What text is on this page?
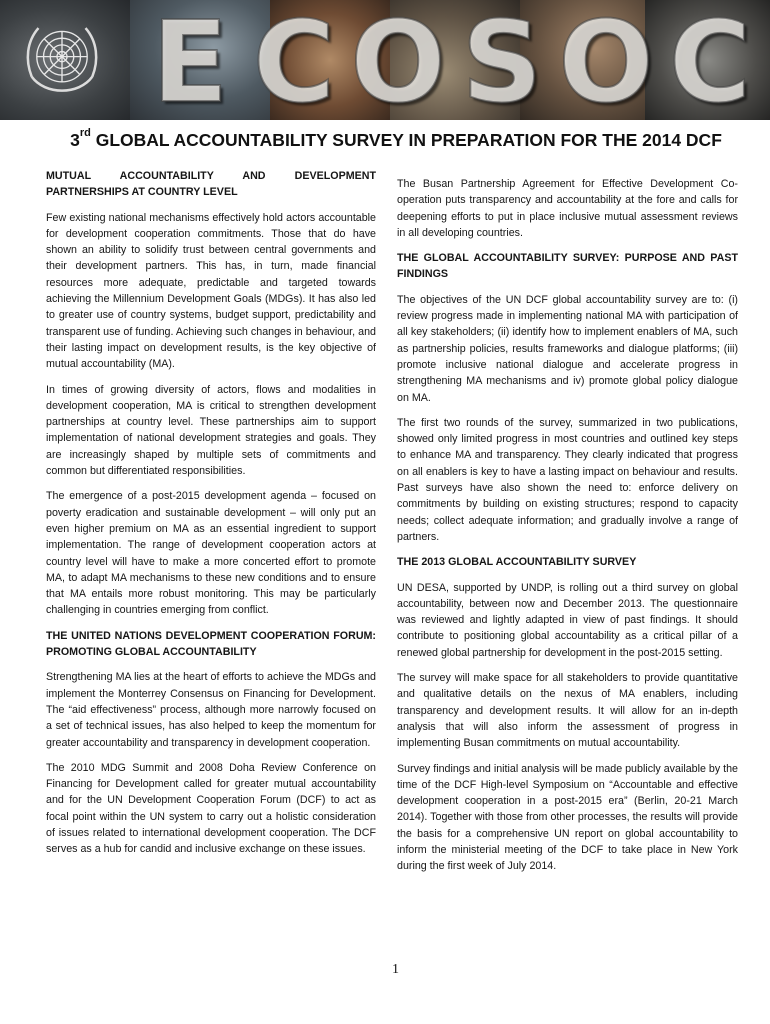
E C O S O C
3rd GLOBAL ACCOUNTABILITY SURVEY IN PREPARATION FOR THE 2014 DCF
MUTUAL ACCOUNTABILITY AND DEVELOPMENT PARTNERSHIPS AT COUNTRY LEVEL

Few existing national mechanisms effectively hold actors accountable for development cooperation commitments. Those that do have shown an ability to solidify trust between central governments and their development partners. This has, in turn, made financial resources more adequate, predictable and targeted towards achieving the Millennium Development Goals (MDGs). It has also led to greater use of country systems, budget support, predictability and transparent use of funding. Achieving such changes in behaviour, and their lasting impact on development results, is the key objective of mutual accountability (MA).

In times of growing diversity of actors, flows and modalities in development cooperation, MA is critical to strengthen development partnerships at country level. These partnerships aim to support implementation of national development strategies and goals. They are increasingly shaped by multiple sets of commitments and common but differentiated responsibilities.

The emergence of a post-2015 development agenda – focused on poverty eradication and sustainable development – will only put an even higher premium on MA as an essential ingredient to support implementation. The range of development cooperation actors at country level will have to make a more concerted effort to promote MA, to adapt MA mechanisms to these new conditions and to ensure that MA entails more robust monitoring. This may be particularly challenging in countries emerging from conflict.

THE UNITED NATIONS DEVELOPMENT COOPERATION FORUM: PROMOTING GLOBAL ACCOUNTABILITY

Strengthening MA lies at the heart of efforts to achieve the MDGs and implement the Monterrey Consensus on Financing for Development. The “aid effectiveness” process, although more narrowly focused on a set of technical issues, has also helped to keep the momentum for greater accountability and transparency in development cooperation.

The 2010 MDG Summit and 2008 Doha Review Conference on Financing for Development called for greater mutual accountability and for the UN Development Cooperation Forum (DCF) to act as focal point within the UN system to carry out a holistic consideration of issues related to international development cooperation. The DCF serves as a hub for candid and inclusive exchange on these issues.

The Busan Partnership Agreement for Effective Development Co-operation puts transparency and accountability at the fore and calls for deepening efforts to put in place inclusive mutual assessment reviews in all developing countries.

THE GLOBAL ACCOUNTABILITY SURVEY: PURPOSE AND PAST FINDINGS

The objectives of the UN DCF global accountability survey are to: (i) review progress made in implementing national MA with participation of all key stakeholders; (ii) identify how to implement enablers of MA, such as partnership policies, results frameworks and dialogue platforms; (iii) promote inclusive national dialogue and accelerate progress in strengthening MA mechanisms and iv) promote global policy dialogue on MA.

The first two rounds of the survey, summarized in two publications, showed only limited progress in most countries and outlined key steps to enhance MA and transparency. They clearly indicated that progress on all enablers is key to have a lasting impact on behaviour and results. Past surveys have also shown the need to: enforce delivery on commitments by building on existing structures; respond to capacity needs; collect adequate information; and gradually involve a range of partners.

THE 2013 GLOBAL ACCOUNTABILITY SURVEY

UN DESA, supported by UNDP, is rolling out a third survey on global accountability, between now and December 2013. The questionnaire was reviewed and lightly adapted in view of past findings. It should contribute to positioning global accountability as a critical pillar of a renewed global partnership for development in the post-2015 setting.

The survey will make space for all stakeholders to provide quantitative and qualitative details on the nexus of MA enablers, including transparency and development results. It will allow for an in-depth analysis that will also inform the assessment of progress in implementing Busan commitments on mutual accountability.

Survey findings and initial analysis will be made publicly available by the time of the DCF High-level Symposium on “Accountable and effective development cooperation in a post-2015 era” (Berlin, 20-21 March 2014). Together with those from other processes, the results will provide the basis for a comprehensive UN report on global accountability to inform the ministerial meeting of the DCF to take place in New York during the first week of July 2014.

1
